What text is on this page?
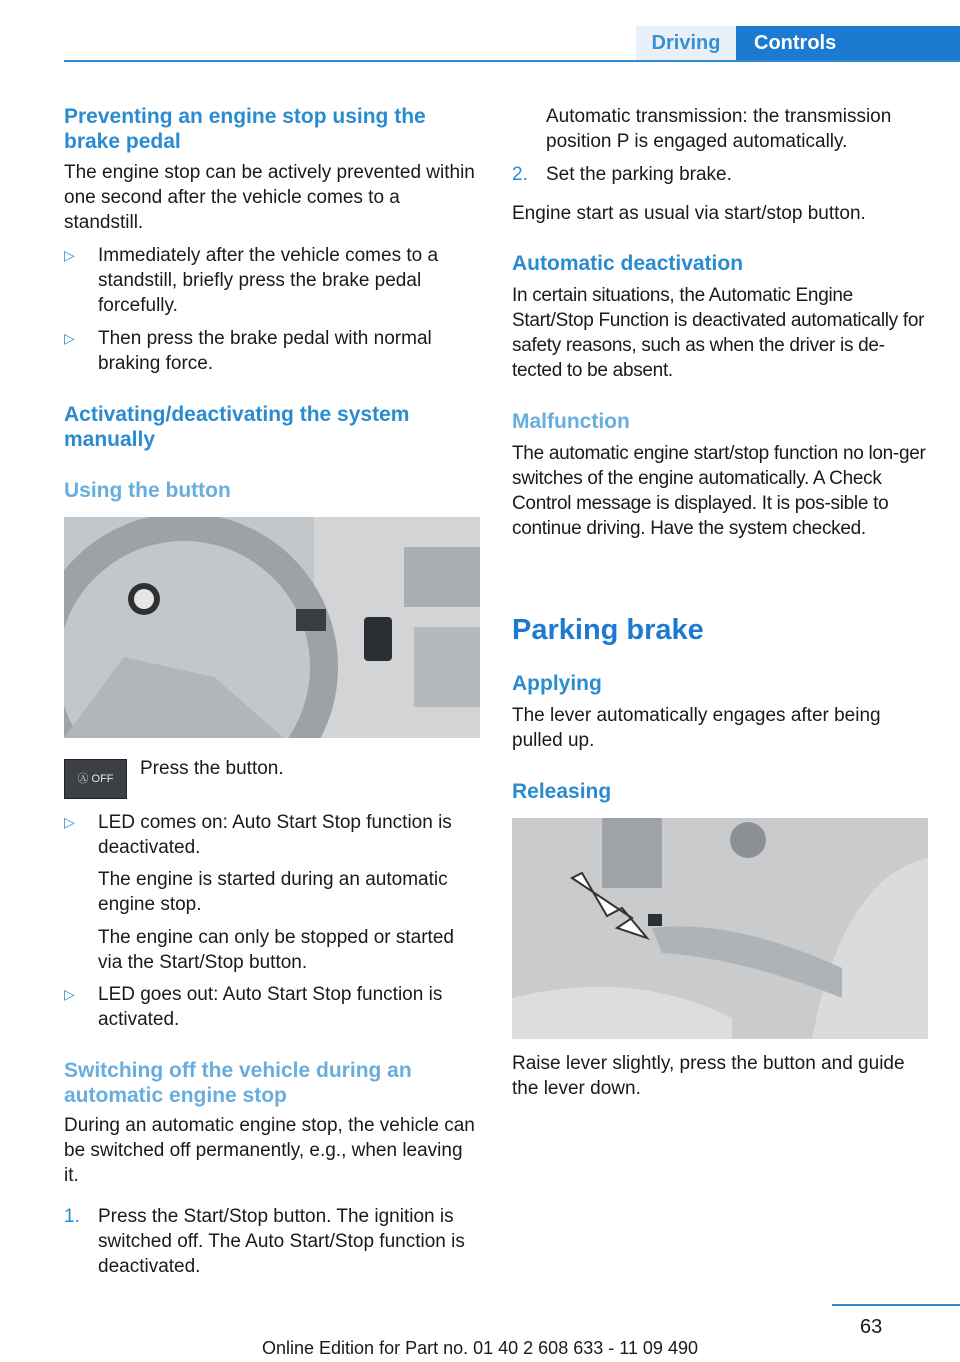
Driving	Controls
Preventing an engine stop using the brake pedal

The engine stop can be actively prevented within one second after the vehicle comes to a standstill.

▷ Immediately after the vehicle comes to a standstill, briefly press the brake pedal forcefully.
▷ Then press the brake pedal with normal braking force.
Activating/deactivating the system manually
Using the button
Ⓐ OFF	Press the button.

▷ LED comes on: Auto Start Stop function is deactivated.

The engine is started during an automatic engine stop.

The engine can only be stopped or started via the Start/Stop button.

▷ LED goes out: Auto Start Stop function is activated.
Switching off the vehicle during an automatic engine stop

During an automatic engine stop, the vehicle can be switched off permanently, e.g., when leaving it.

1. Press the Start/Stop button. The ignition is switched off. The Auto Start/Stop function is deactivated.

Automatic transmission: the transmission position P is engaged automatically.

2. Set the parking brake.

Engine start as usual via start/stop button.

Automatic deactivation

In certain situations, the Automatic Engine Start/Stop Function is deactivated automatically for safety reasons, such as when the driver is de-tected to be absent.

Malfunction

The automatic engine start/stop function no lon-ger switches of the engine automatically. A Check Control message is displayed. It is pos-sible to continue driving. Have the system checked.

Parking brake
Applying

The lever automatically engages after being pulled up.

Releasing

Raise lever slightly, press the button and guide the lever down.

63
Online Edition for Part no. 01 40 2 608 633 - 11 09 490
